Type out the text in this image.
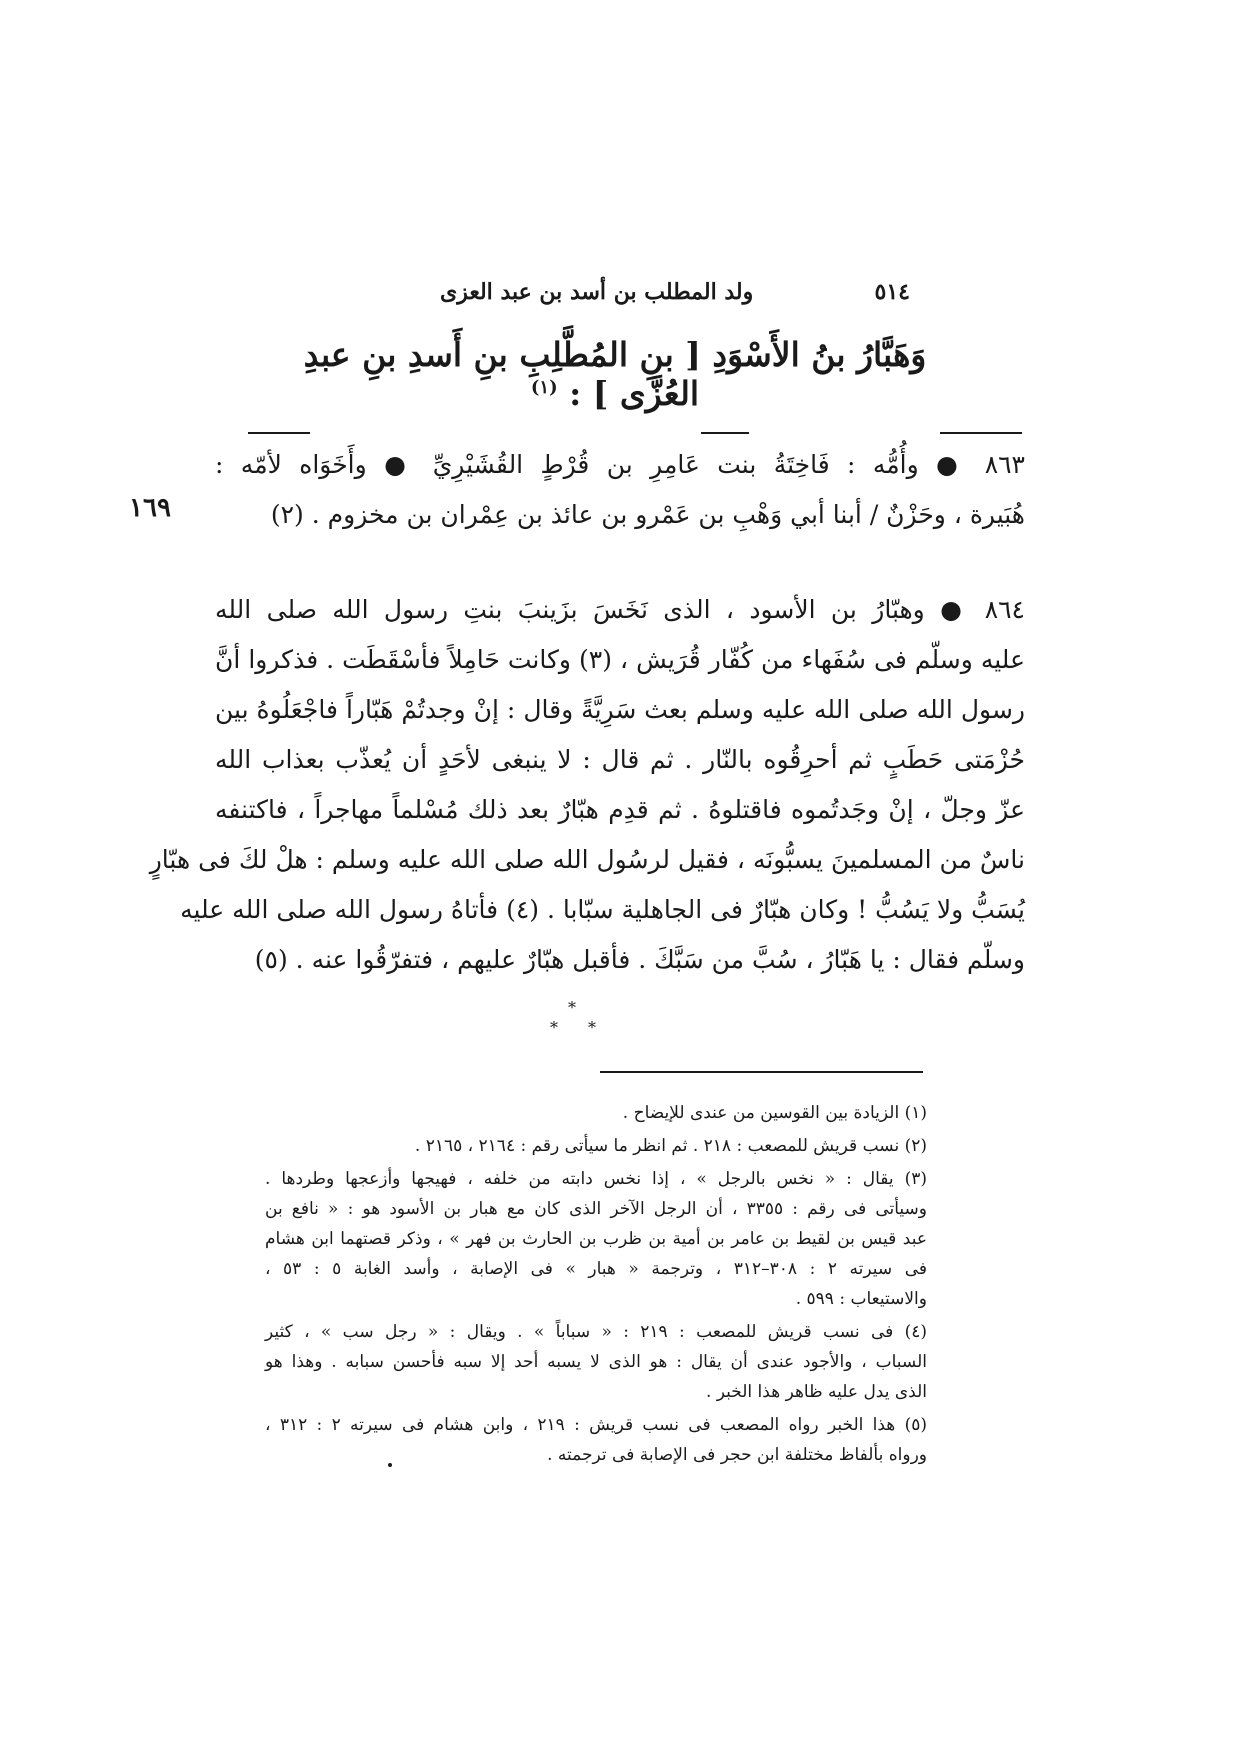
٥١٤
ولد المطلب بن أسد بن عبد العزى
وَهَبَّارُ بنُ الأَسْوَدِ [ بنِ المُطَّلِبِ بنِ أَسدِ بنِ عبدِ العُزَّى ] : $^{(١)}$
١٦٩
٨٦٣ ● وأُمُّه : فَاخِتَةُ بنت عَامِرِ بن قُرْطٍ القُشَيْرِيِّ ● وأَخَوَاه لأمّه :
هُبَيرة ، وحَزْنٌ / أبنا أبي وَهْبِ بن عَمْرو بن عائذ بن عِمْران بن مخزوم . (٢)
٨٦٤ ● وهبّارُ بن الأسود ، الذى نَخَسَ بزَينبَ بنتِ رسول الله صلى الله
عليه وسلّم فى سُفَهاء من كُفّار قُرَيش ، (٣) وكانت حَامِلاً فأسْقَطَت . فذكروا أنَّ
رسول الله صلى الله عليه وسلم بعث سَرِيَّةً وقال : إنْ وجدتُمْ هَبّاراً فاجْعَلُوهُ بين
حُزْمَتى حَطَبٍ ثم أحرِقُوه بالنّار . ثم قال : لا ينبغى لأحَدٍ أن يُعذّب بعذاب الله
عزّ وجلّ ، إنْ وجَدتُموه فاقتلوهُ . ثم قدِم هبّارٌ بعد ذلك مُسْلماً مهاجراً ، فاكتنفه
ناسٌ من المسلمينَ يسبُّونَه ، فقيل لرسُول الله صلى الله عليه وسلم : هلْ لكَ فى هبّارٍ
يُسَبُّ ولا يَسُبُّ ! وكان هبّارٌ فى الجاهلية سبّابا . (٤) فأتاهُ رسول الله صلى الله عليه
وسلّم فقال : يا هَبّارُ ، سُبَّ من سَبَّكَ . فأقبل هبّارٌ عليهم ، فتفرّقُوا عنه . (٥)
*
* *
(١) الزيادة بين القوسين من عندى للإيضاح .
(٢) نسب قريش للمصعب : ٢١٨ . ثم انظر ما سيأتى رقم : ٢١٦٤ ، ٢١٦٥ .
(٣) يقال : « نخس بالرجل » ، إذا نخس دابته من خلفه ، فهيجها وأزعجها وطردها .
وسيأتى فى رقم : ٣٣٥٥ ، أن الرجل الآخر الذى كان مع هبار بن الأسود هو : « نافع بن
عبد قيس بن لقيط بن عامر بن أمية بن ظرب بن الحارث بن فهر » ، وذكر قصتهما ابن هشام
فى سيرته ٢ : ٣٠٨–٣١٢ ، وترجمة « هبار » فى الإصابة ، وأسد الغابة ٥ : ٥٣ ،
والاستيعاب : ٥٩٩ .
(٤) فى نسب قريش للمصعب : ٢١٩ : « سباباً » . ويقال : « رجل سب » ، كثير
السباب ، والأجود عندى أن يقال : هو الذى لا يسبه أحد إلا سبه فأحسن سبابه . وهذا هو
الذى يدل عليه ظاهر هذا الخبر .
(٥) هذا الخبر رواه المصعب فى نسب قريش : ٢١٩ ، وابن هشام فى سيرته ٢ : ٣١٢ ،
ورواه بألفاظ مختلفة ابن حجر فى الإصابة فى ترجمته .
